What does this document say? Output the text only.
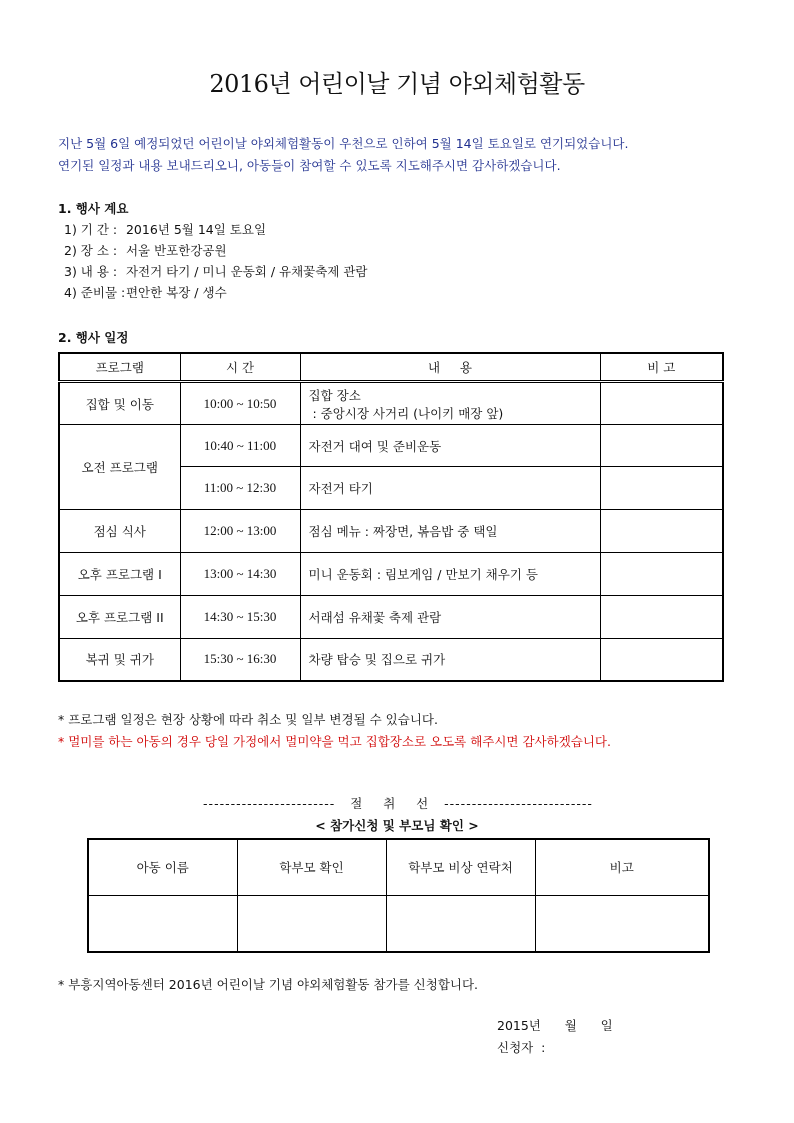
2016년 어린이날 기념 야외체험활동
지난 5월 6일 예정되었던 어린이날 야외체험활동이 우천으로 인하여 5월 14일 토요일로 연기되었습니다.
연기된 일정과 내용 보내드리오니, 아동들이 참여할 수 있도록 지도해주시면 감사하겠습니다.
1. 행사 계요
1) 기 간 : 2016년 5월 14일 토요일
2) 장 소 : 서울 반포한강공원
3) 내 용 : 자전거 타기 / 미니 운동회 / 유채꽃축제 관람
4) 준비물 : 편안한 복장 / 생수
2. 행사 일정
프로그램	시 간	내     용	비 고
집합 및 이동	10:00 ~ 10:50	집합 장소
: 중앙시장 사거리 (나이키 매장 앞)	

오전 프로그램	10:40 ~ 11:00	자전거 대여 및 준비운동	
	11:00 ~ 12:30	자전거 타기	
점심 식사	12:00 ~ 13:00	점심 메뉴 : 짜장면, 볶음밥 중 택일	
오후 프로그램 I	13:00 ~ 14:30	미니 운동회 : 림보게임 / 만보기 채우기 등	
오후 프로그램 II	14:30 ~ 15:30	서래섬 유채꽃 축제 관람	
복귀 및 귀가	15:30 ~ 16:30	차량 탑승 및 집으로 귀가	
* 프로그램 일정은 현장 상황에 따라 취소 및 일부 변경될 수 있습니다.
* 멀미를 하는 아동의 경우 당일 가정에서 멀미약을 먹고 집합장소로 오도록 해주시면 감사하겠습니다.
------------------------   절    취    선   ---------------------------
< 참가신청 및 부모님 확인 >
아동 이름	학부모 확인	학부모 비상 연락처	비고

* 부흥지역아동센터 2016년 어린이날 기념 야외체험활동 참가를 신청합니다.
2015년      월      일
신청자  :
